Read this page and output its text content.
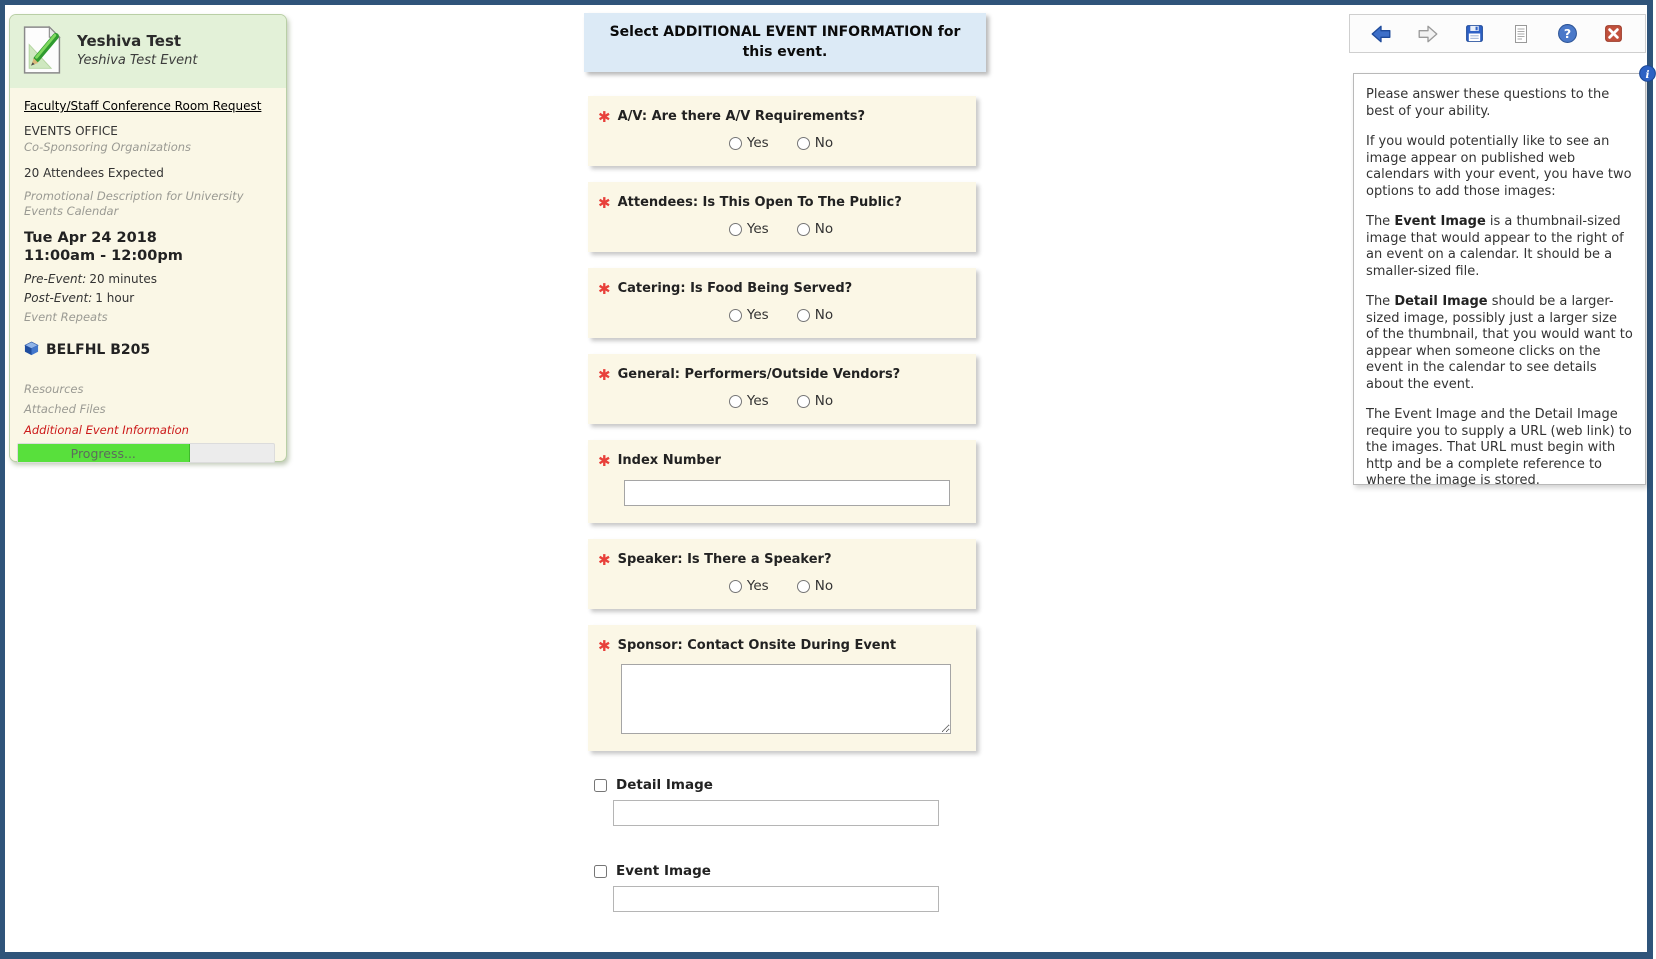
Yeshiva Test
Yeshiva Test Event
Faculty/Staff Conference Room Request
EVENTS OFFICE
Co-Sponsoring Organizations
20 Attendees Expected
Promotional Description for University Events Calendar
Tue Apr 24 2018
11:00am - 12:00pm
Pre-Event: 20 minutes
Post-Event: 1 hour
Event Repeats
BELFHL B205
Resources
Attached Files
Additional Event Information
Progress...
Select ADDITIONAL EVENT INFORMATION for this event.
✱ A/V: Are there A/V Requirements?
Yes	No
✱ Attendees: Is This Open To The Public?
Yes	No
✱ Catering: Is Food Being Served?
Yes	No
✱ General: Performers/Outside Vendors?
Yes	No
✱ Index Number
✱ Speaker: Is There a Speaker?
Yes	No
✱ Sponsor: Contact Onsite During Event
Detail Image
Event Image
?

Please answer these questions to the best of your ability.

If you would potentially like to see an image appear on published web calendars with your event, you have two options to add those images:

The Event Image is a thumbnail-sized image that would appear to the right of an event on a calendar. It should be a smaller-sized file.

The Detail Image should be a larger-sized image, possibly just a larger size of the thumbnail, that you would want to appear when someone clicks on the event in the calendar to see details about the event.

The Event Image and the Detail Image require you to supply a URL (web link) to the images. That URL must begin with http and be a complete reference to where the image is stored.

i
